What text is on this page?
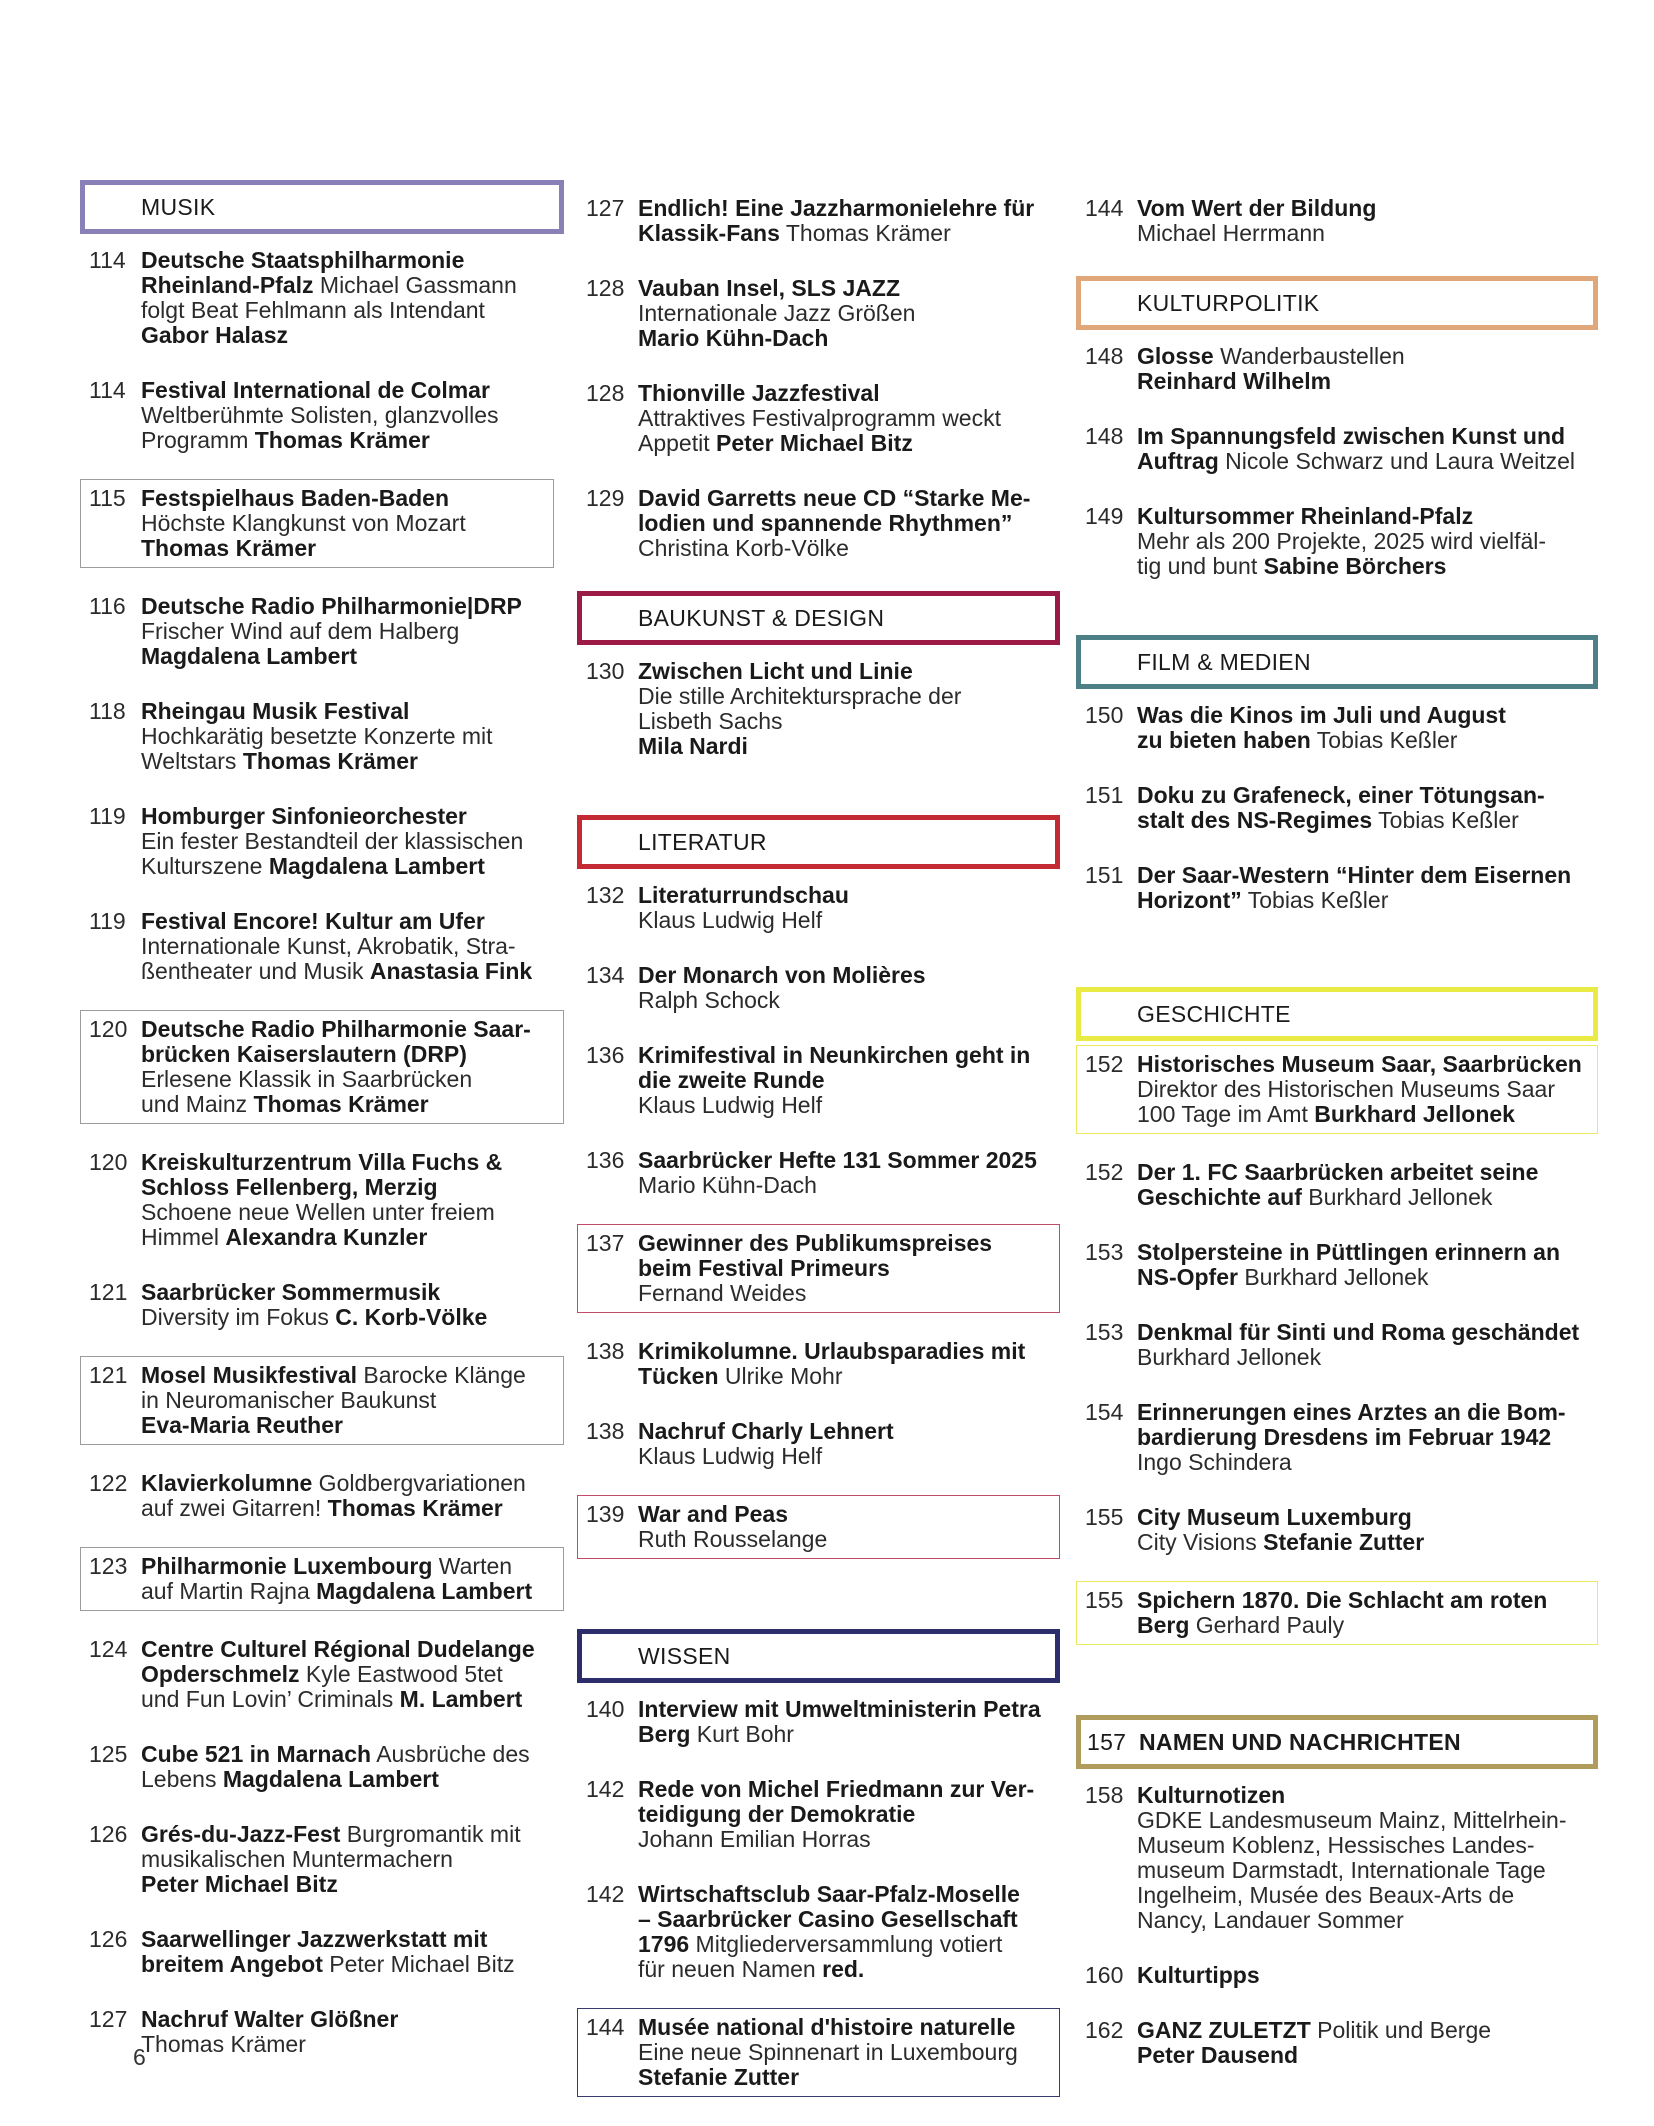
MUSIK
114 Deutsche Staatsphilharmonie
Rheinland-Pfalz Michael Gassmann
folgt Beat Fehlmann als Intendant
Gabor Halasz
114 Festival International de Colmar
Weltberühmte Solisten, glanzvolles
Programm Thomas Krämer
115 Festspielhaus Baden-Baden
Höchste Klangkunst von Mozart
Thomas Krämer
116 Deutsche Radio Philharmonie|DRP
Frischer Wind auf dem Halberg
Magdalena Lambert
118 Rheingau Musik Festival
Hochkarätig besetzte Konzerte mit
Weltstars Thomas Krämer
119 Homburger Sinfonieorchester
Ein fester Bestandteil der klassischen
Kulturszene Magdalena Lambert
119 Festival Encore! Kultur am Ufer
Internationale Kunst, Akrobatik, Stra-
ßentheater und Musik Anastasia Fink
120 Deutsche Radio Philharmonie Saar-
brücken Kaiserslautern (DRP)
Erlesene Klassik in Saarbrücken
und Mainz Thomas Krämer
120 Kreiskulturzentrum Villa Fuchs &
Schloss Fellenberg, Merzig
Schoene neue Wellen unter freiem
Himmel Alexandra Kunzler
121 Saarbrücker Sommermusik
Diversity im Fokus C. Korb-Völke
121 Mosel Musikfestival Barocke Klänge
in Neuromanischer Baukunst
Eva-Maria Reuther
122 Klavierkolumne Goldbergvariationen
auf zwei Gitarren! Thomas Krämer
123 Philharmonie Luxembourg Warten
auf Martin Rajna Magdalena Lambert
124 Centre Culturel Régional Dudelange
Opderschmelz Kyle Eastwood 5tet
und Fun Lovin’ Criminals M. Lambert
125 Cube 521 in Marnach Ausbrüche des
Lebens Magdalena Lambert
126 Grés-du-Jazz-Fest Burgromantik mit
musikalischen Muntermachern
Peter Michael Bitz
126 Saarwellinger Jazzwerkstatt mit
breitem Angebot Peter Michael Bitz
127 Nachruf Walter Glößner
Thomas Krämer
127 Endlich! Eine Jazzharmonielehre für
Klassik-Fans Thomas Krämer
128 Vauban Insel, SLS JAZZ
Internationale Jazz Größen
Mario Kühn-Dach
128 Thionville Jazzfestival
Attraktives Festivalprogramm weckt
Appetit Peter Michael Bitz
129 David Garretts neue CD “Starke Me-
lodien und spannende Rhythmen”
Christina Korb-Völke
BAUKUNST & DESIGN
130 Zwischen Licht und Linie
Die stille Architektursprache der
Lisbeth Sachs
Mila Nardi
LITERATUR
132 Literaturrundschau
Klaus Ludwig Helf
134 Der Monarch von Molières
Ralph Schock
136 Krimifestival in Neunkirchen geht in
die zweite Runde
Klaus Ludwig Helf
136 Saarbrücker Hefte 131 Sommer 2025
Mario Kühn-Dach
137 Gewinner des Publikumspreises
beim Festival Primeurs
Fernand Weides
138 Krimikolumne. Urlaubsparadies mit
Tücken Ulrike Mohr
138 Nachruf Charly Lehnert
Klaus Ludwig Helf
139 War and Peas
Ruth Rousselange
WISSEN
140 Interview mit Umweltministerin Petra
Berg Kurt Bohr
142 Rede von Michel Friedmann zur Ver-
teidigung der Demokratie
Johann Emilian Horras
142 Wirtschaftsclub Saar-Pfalz-Moselle
– Saarbrücker Casino Gesellschaft
1796 Mitgliederversammlung votiert
für neuen Namen red.
144 Musée national d'histoire naturelle
Eine neue Spinnenart in Luxembourg
Stefanie Zutter
144 Vom Wert der Bildung
Michael Herrmann
KULTURPOLITIK
148 Glosse Wanderbaustellen
Reinhard Wilhelm
148 Im Spannungsfeld zwischen Kunst und
Auftrag Nicole Schwarz und Laura Weitzel
149 Kultursommer Rheinland-Pfalz
Mehr als 200 Projekte, 2025 wird vielfäl-
tig und bunt Sabine Börchers
FILM & MEDIEN
150 Was die Kinos im Juli und August
zu bieten haben Tobias Keßler
151 Doku zu Grafeneck, einer Tötungsan-
stalt des NS-Regimes Tobias Keßler
151 Der Saar-Western “Hinter dem Eisernen
Horizont” Tobias Keßler
GESCHICHTE
152 Historisches Museum Saar, Saarbrücken
Direktor des Historischen Museums Saar
100 Tage im Amt Burkhard Jellonek
152 Der 1. FC Saarbrücken arbeitet seine
Geschichte auf Burkhard Jellonek
153 Stolpersteine in Püttlingen erinnern an
NS-Opfer Burkhard Jellonek
153 Denkmal für Sinti und Roma geschändet
Burkhard Jellonek
154 Erinnerungen eines Arztes an die Bom-
bardierung Dresdens im Februar 1942
Ingo Schindera
155 City Museum Luxemburg
City Visions Stefanie Zutter
155 Spichern 1870. Die Schlacht am roten
Berg Gerhard Pauly
157 NAMEN UND NACHRICHTEN
158 Kulturnotizen
GDKE Landesmuseum Mainz, Mittelrhein-
Museum Koblenz, Hessisches Landes-
museum Darmstadt, Internationale Tage
Ingelheim, Musée des Beaux-Arts de
Nancy, Landauer Sommer
160 Kulturtipps
162 GANZ ZULETZT Politik und Berge
Peter Dausend
6
